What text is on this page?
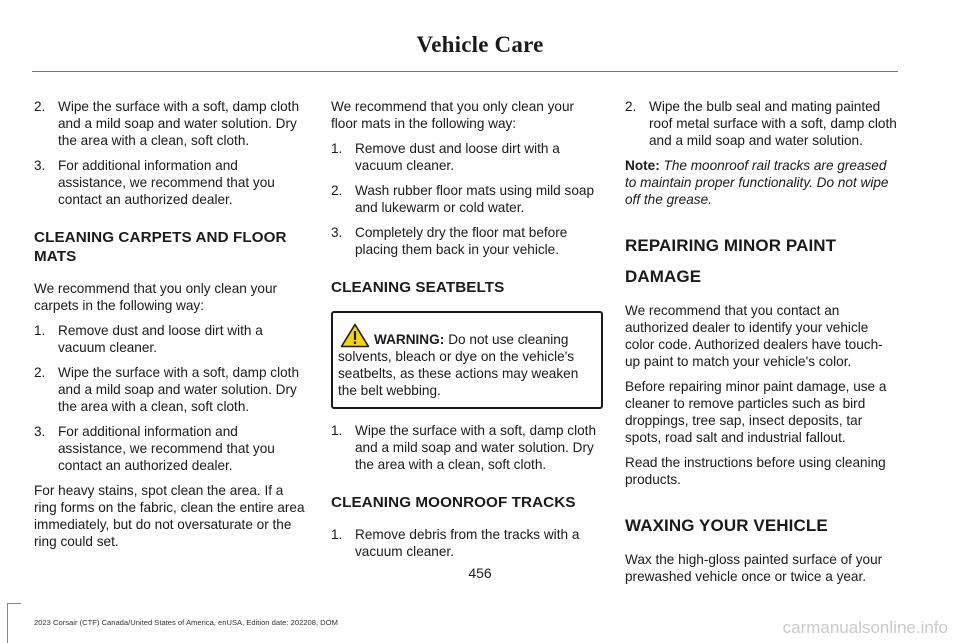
Vehicle Care
2. Wipe the surface with a soft, damp cloth and a mild soap and water solution. Dry the area with a clean, soft cloth.
3. For additional information and assistance, we recommend that you contact an authorized dealer.
CLEANING CARPETS AND FLOOR MATS

We recommend that you only clean your carpets in the following way:

1. Remove dust and loose dirt with a vacuum cleaner.
2. Wipe the surface with a soft, damp cloth and a mild soap and water solution. Dry the area with a clean, soft cloth.
3. For additional information and assistance, we recommend that you contact an authorized dealer.

For heavy stains, spot clean the area. If a ring forms on the fabric, clean the entire area immediately, but do not oversaturate or the ring could set.

We recommend that you only clean your floor mats in the following way:

1. Remove dust and loose dirt with a vacuum cleaner.
2. Wash rubber floor mats using mild soap and lukewarm or cold water.
3. Completely dry the floor mat before placing them back in your vehicle.
CLEANING SEATBELTS
WARNING: Do not use cleaning solvents, bleach or dye on the vehicle's seatbelts, as these actions may weaken the belt webbing.
1. Wipe the surface with a soft, damp cloth and a mild soap and water solution. Dry the area with a clean, soft cloth.
CLEANING MOONROOF TRACKS
1. Remove debris from the tracks with a vacuum cleaner.
2. Wipe the bulb seal and mating painted roof metal surface with a soft, damp cloth and a mild soap and water solution.

Note: The moonroof rail tracks are greased to maintain proper functionality. Do not wipe off the grease.

REPAIRING MINOR PAINT
DAMAGE

We recommend that you contact an authorized dealer to identify your vehicle color code. Authorized dealers have touch-up paint to match your vehicle's color.

Before repairing minor paint damage, use a cleaner to remove particles such as bird droppings, tree sap, insect deposits, tar spots, road salt and industrial fallout.

Read the instructions before using cleaning products.

WAXING YOUR VEHICLE

Wax the high-gloss painted surface of your prewashed vehicle once or twice a year.

456
2023 Corsair (CTF) Canada/United States of America, enUSA, Edition date: 202208, DOM	carmanualsonline.info
